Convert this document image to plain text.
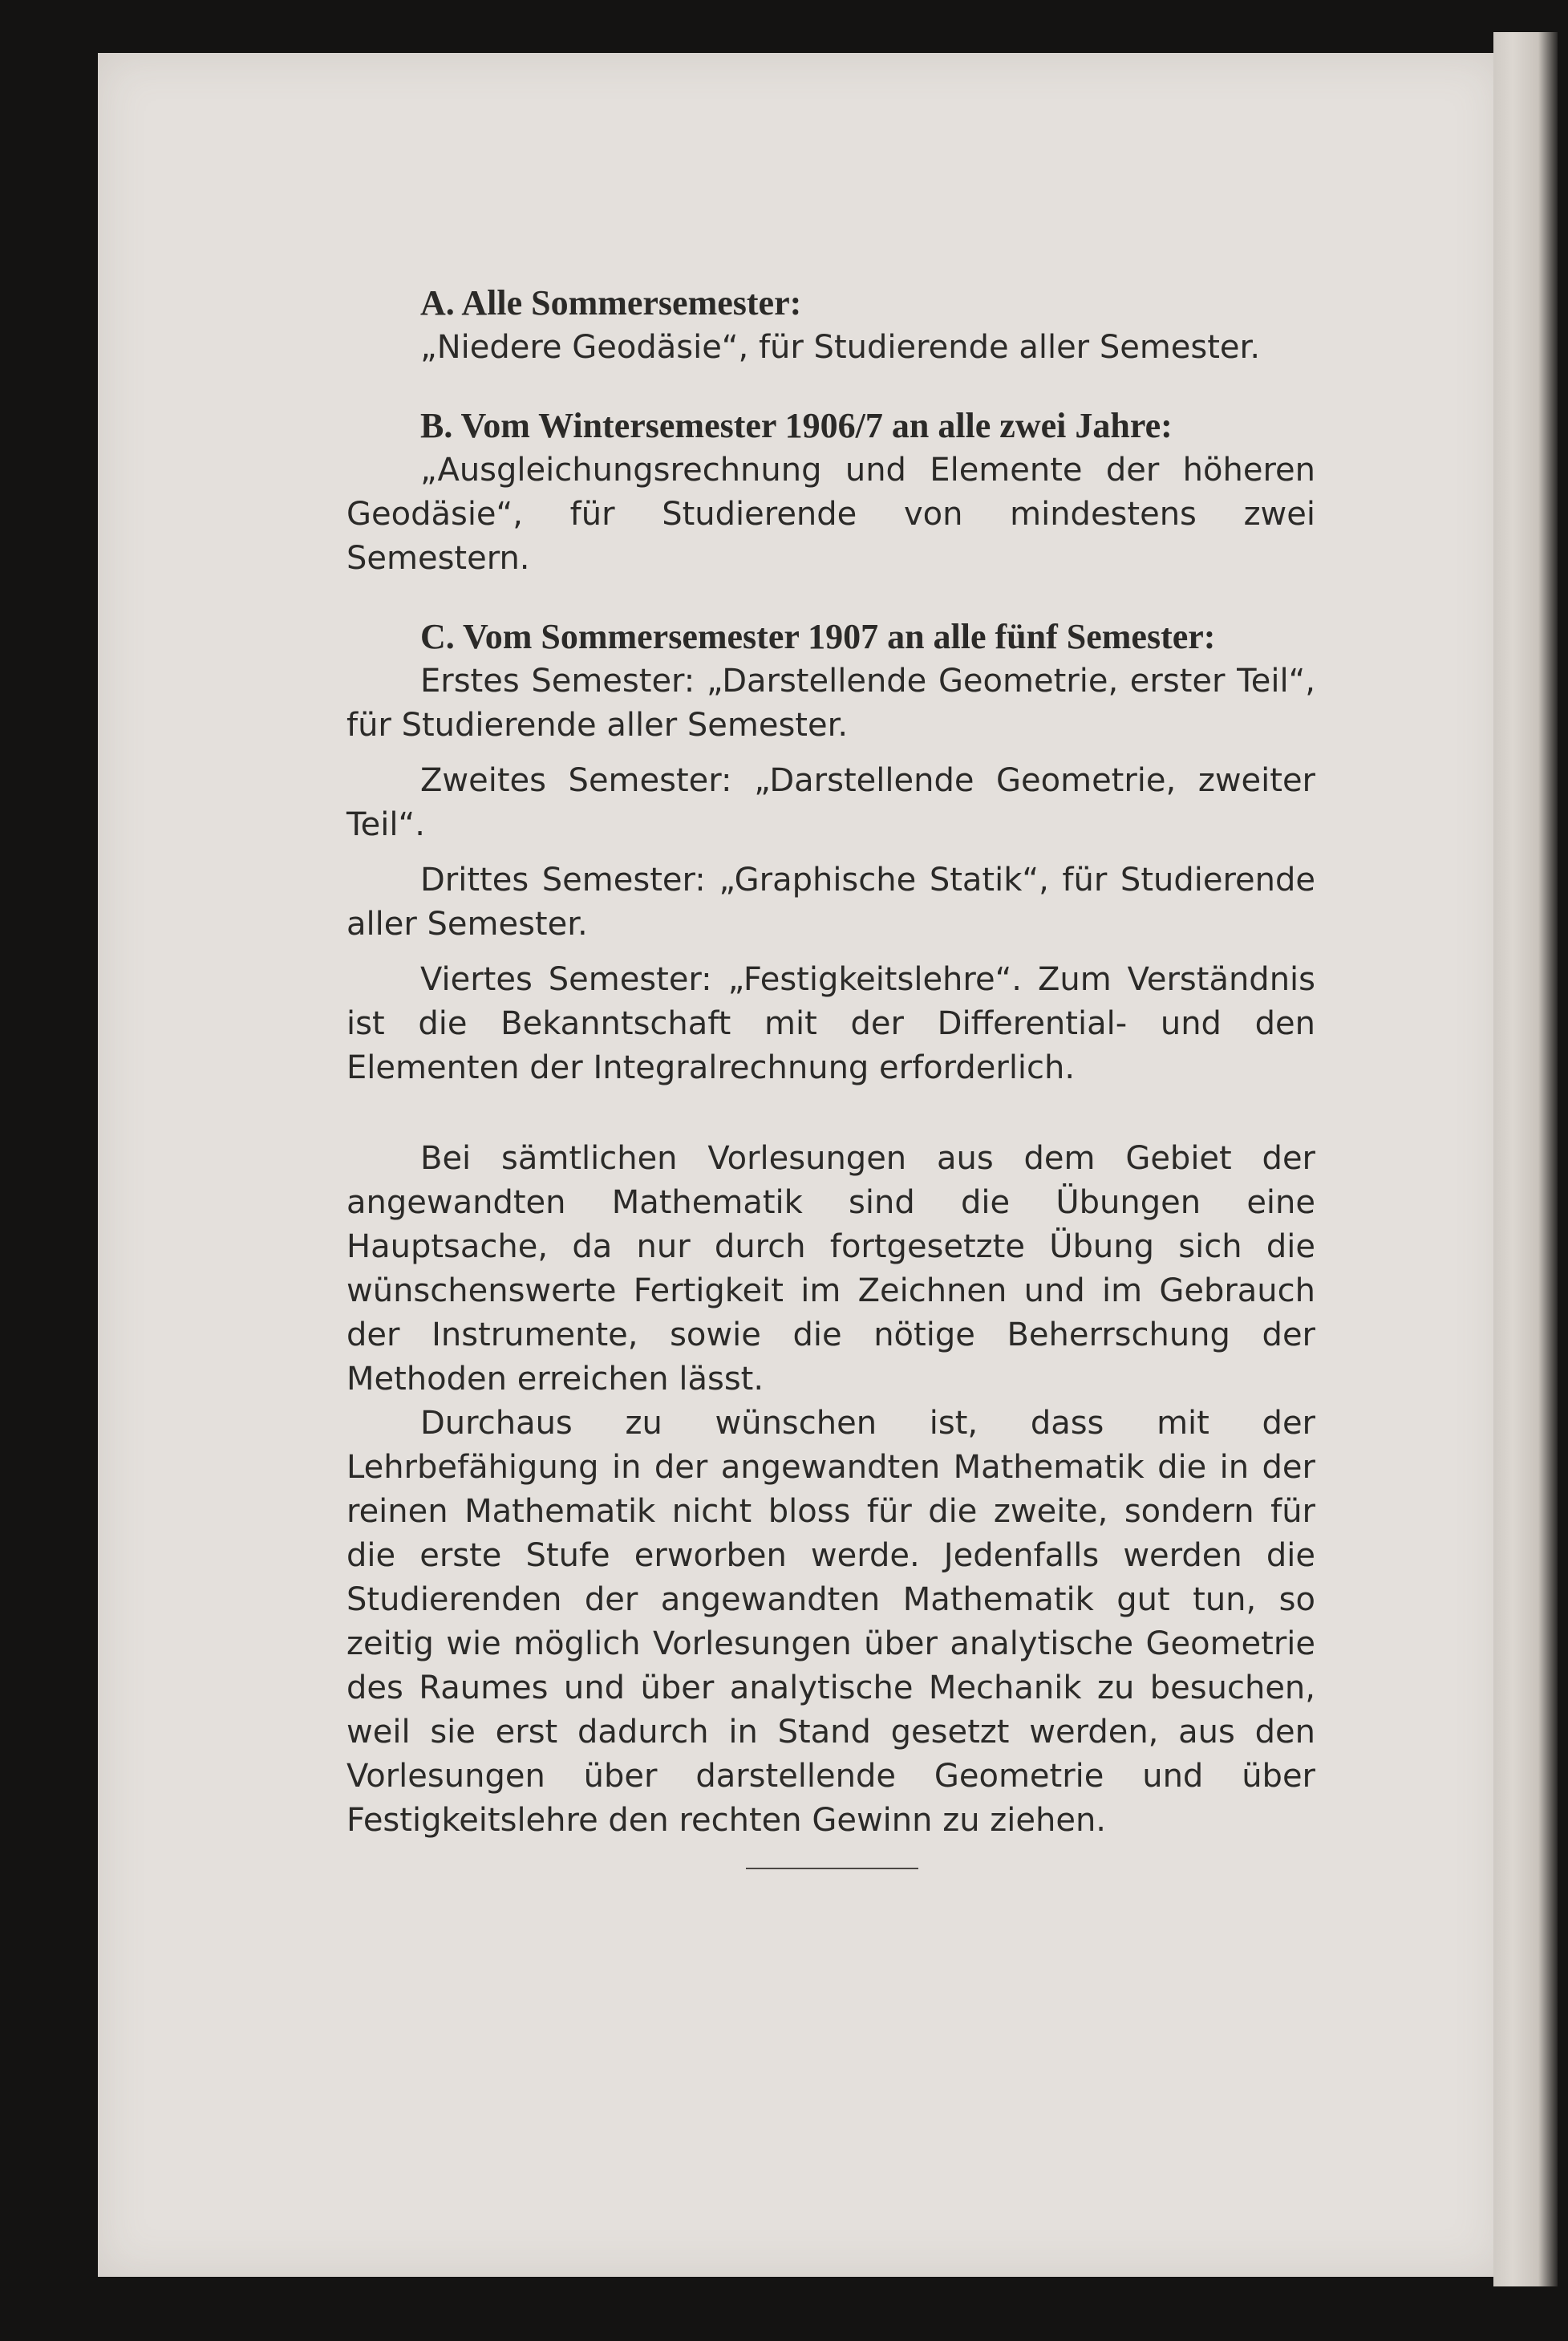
A. Alle Sommersemester:

„Niedere Geodäsie“, für Studierende aller Semester.

B. Vom Wintersemester 1906/7 an alle zwei Jahre:

„Ausgleichungsrechnung und Elemente der höheren Geodäsie“, für Studierende von mindestens zwei Semestern.

C. Vom Sommersemester 1907 an alle fünf Semester:

Erstes Semester: „Darstellende Geometrie, erster Teil“, für Studierende aller Semester.

Zweites Semester: „Darstellende Geometrie, zweiter Teil“.

Drittes Semester: „Graphische Statik“, für Studierende aller Semester.

Viertes Semester: „Festigkeitslehre“. Zum Verständnis ist die Bekanntschaft mit der Differential- und den Elementen der Integralrechnung erforderlich.

Bei sämtlichen Vorlesungen aus dem Gebiet der angewandten Mathematik sind die Übungen eine Hauptsache, da nur durch fortgesetzte Übung sich die wünschenswerte Fertigkeit im Zeichnen und im Gebrauch der Instrumente, sowie die nötige Beherrschung der Methoden erreichen lässt.

Durchaus zu wünschen ist, dass mit der Lehrbefähigung in der angewandten Mathematik die in der reinen Mathematik nicht bloss für die zweite, sondern für die erste Stufe erworben werde. Jedenfalls werden die Studierenden der angewandten Mathematik gut tun, so zeitig wie möglich Vorlesungen über analytische Geometrie des Raumes und über analytische Mechanik zu besuchen, weil sie erst dadurch in Stand gesetzt werden, aus den Vorlesungen über darstellende Geometrie und über Festigkeitslehre den rechten Gewinn zu ziehen.
